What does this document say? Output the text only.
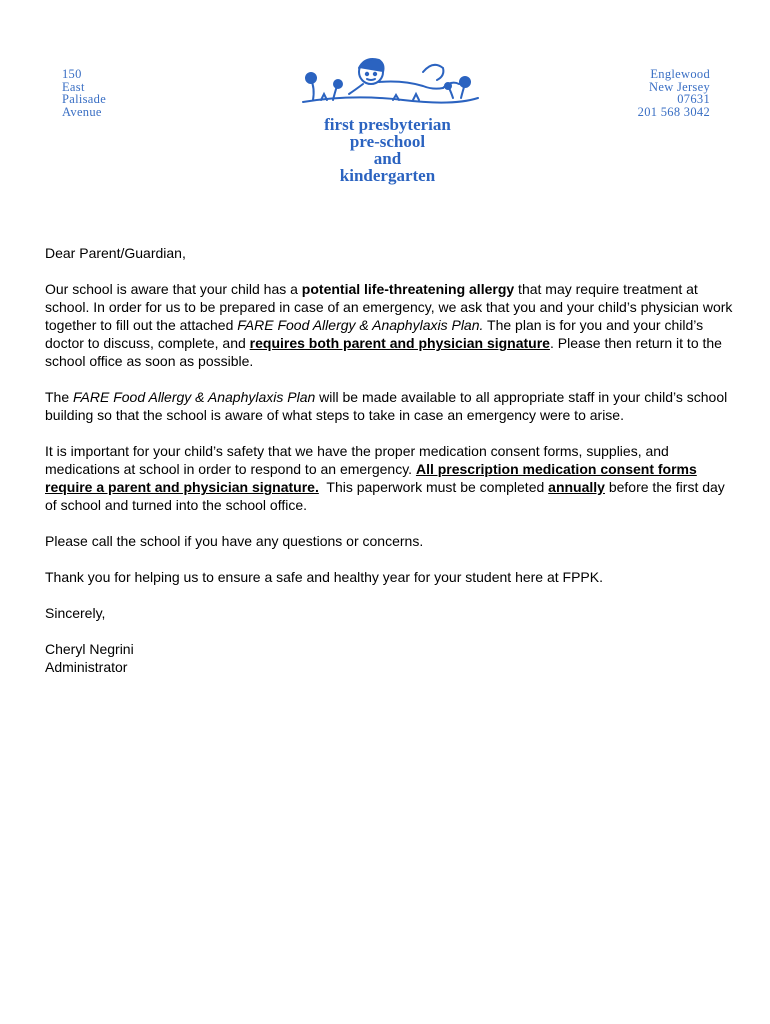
150
East
Palisade
Avenue
Englewood
New Jersey
07631
201 568 3042
first presbyterian
pre-school
and
kindergarten

Dear Parent/Guardian,

Our school is aware that your child has a potential life-threatening allergy that may require treatment at school. In order for us to be prepared in case of an emergency, we ask that you and your child’s physician work together to fill out the attached FARE Food Allergy & Anaphylaxis Plan. The plan is for you and your child’s doctor to discuss, complete, and requires both parent and physician signature. Please then return it to the school office as soon as possible.

The FARE Food Allergy & Anaphylaxis Plan will be made available to all appropriate staff in your child’s school building so that the school is aware of what steps to take in case an emergency were to arise.

It is important for your child’s safety that we have the proper medication consent forms, supplies, and medications at school in order to respond to an emergency. All prescription medication consent forms require a parent and physician signature.  This paperwork must be completed annually before the first day of school and turned into the school office.

Please call the school if you have any questions or concerns.

Thank you for helping us to ensure a safe and healthy year for your student here at FPPK.

Sincerely,

Cheryl Negrini
Administrator
